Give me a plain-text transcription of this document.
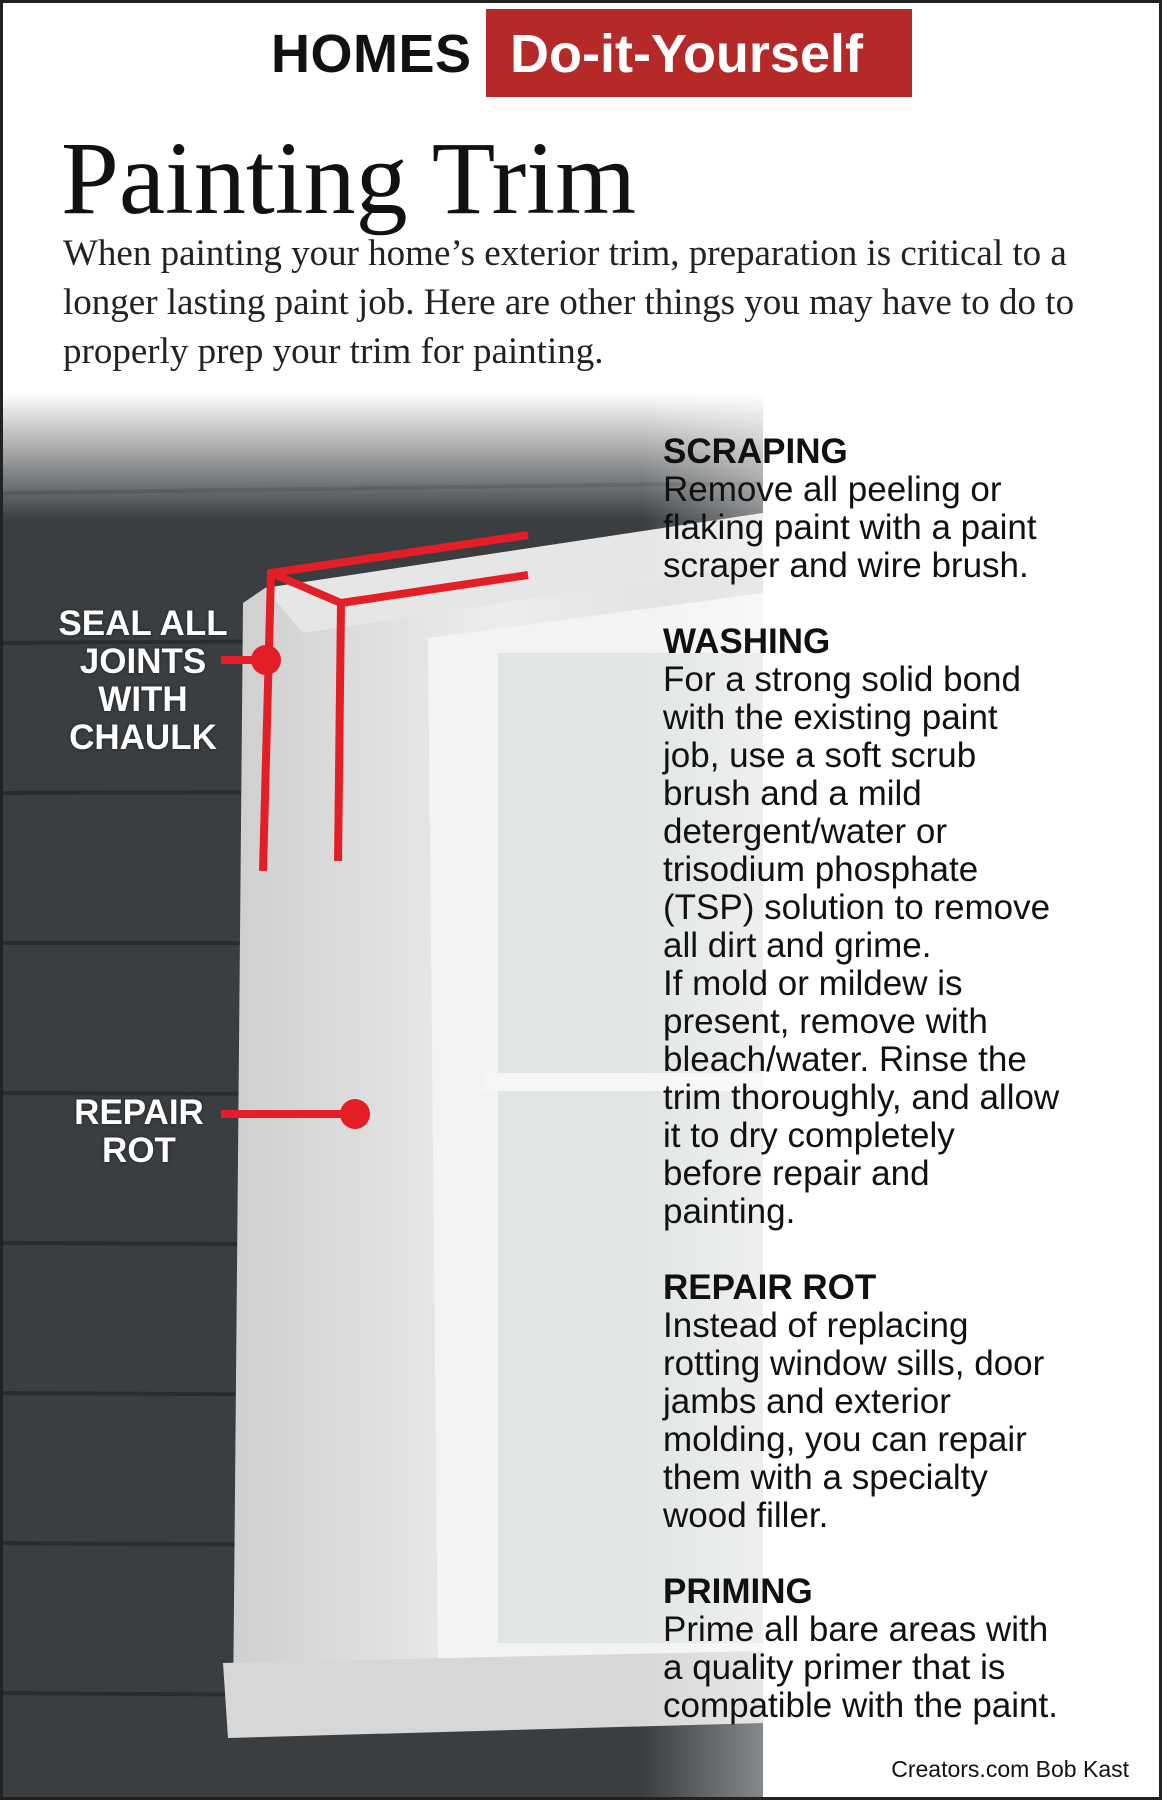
HOMES Do-it-Yourself
Painting Trim
When painting your home’s exterior trim, preparation is critical to a longer lasting paint job. Here are other things you may have to do to properly prep your trim for painting.
SEAL ALL
JOINTS
WITH
CHAULK
REPAIR
ROT
SCRAPING
Remove all peeling or
flaking paint with a paint
scraper and wire brush.
WASHING
For a strong solid bond
with the existing paint
job, use a soft scrub
brush and a mild
detergent/water or
trisodium phosphate
(TSP) solution to remove
all dirt and grime.
If mold or mildew is
present, remove with
bleach/water. Rinse the
trim thoroughly, and allow
it to dry completely
before repair and
painting.
REPAIR ROT
Instead of replacing
rotting window sills, door
jambs and exterior
molding, you can repair
them with a specialty
wood filler.
PRIMING
Prime all bare areas with
a quality primer that is
compatible with the paint.
Creators.com Bob Kast
